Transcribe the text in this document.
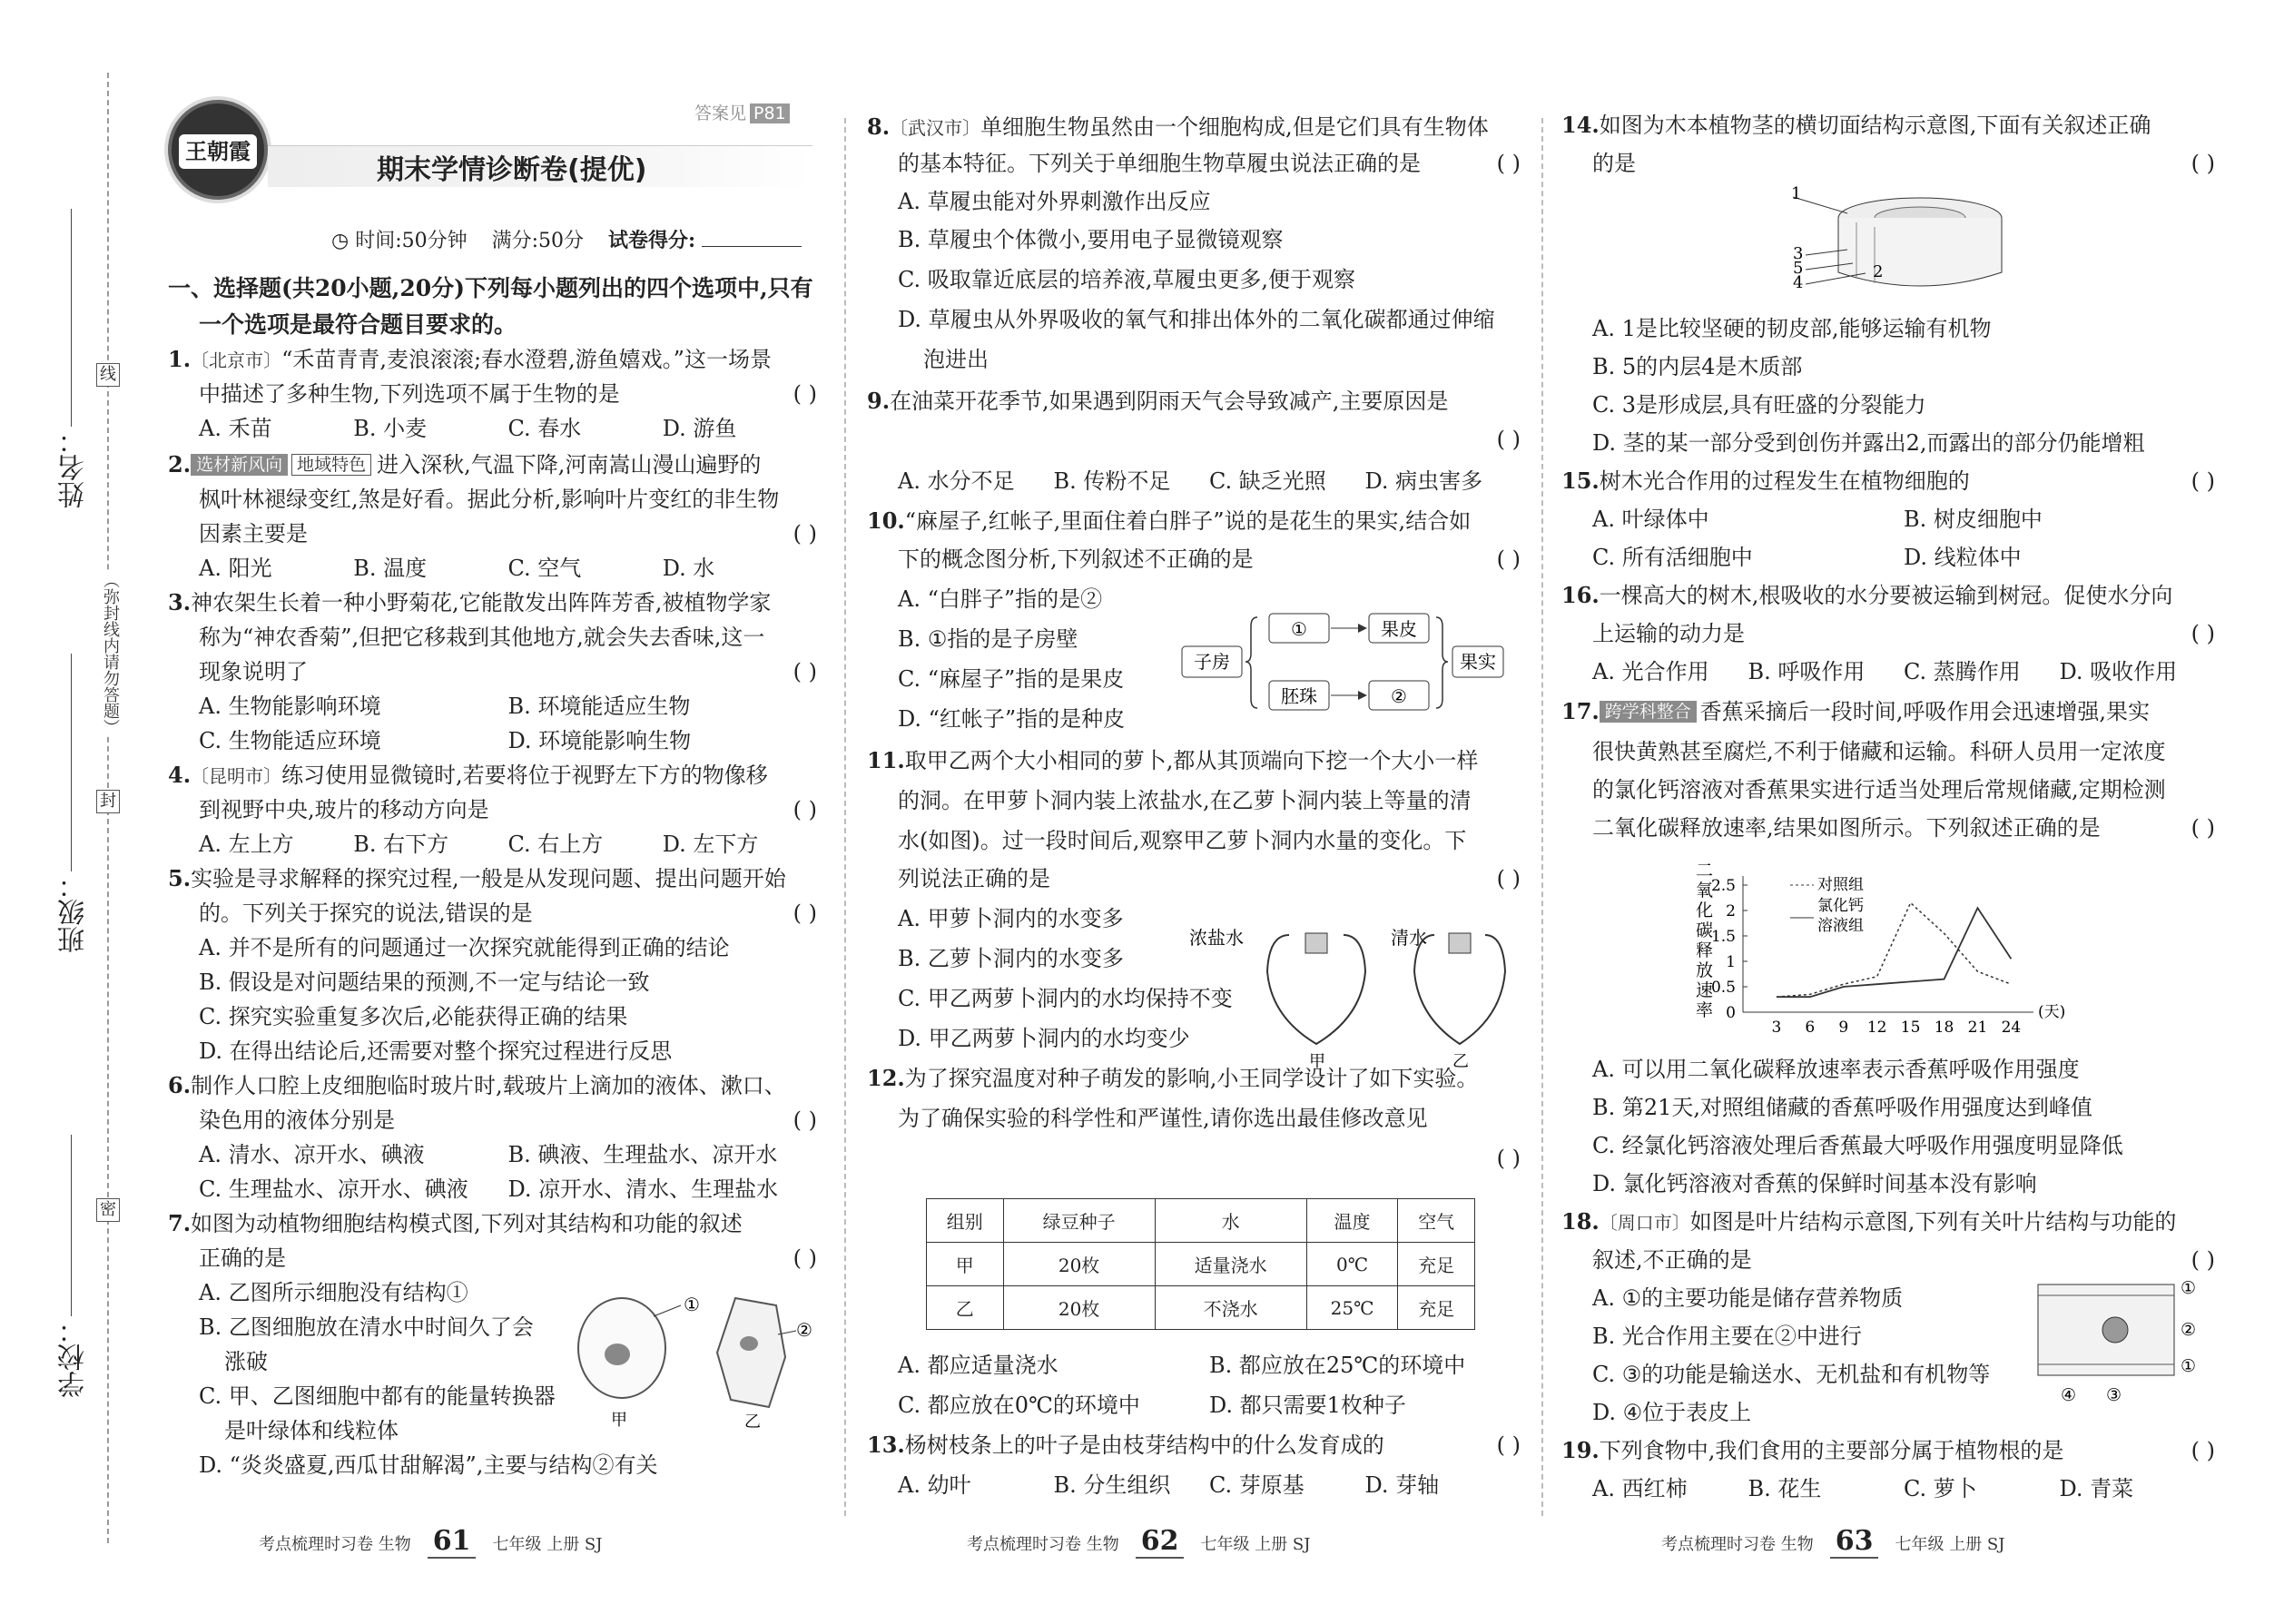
姓名：
班级：
学校：
（弥封线内请勿答题）
线
封
密
王朝霞
答案见 P81
期末学情诊断卷(提优)
◷ 时间:50分钟 满分:50分 试卷得分:
一、选择题(共20小题,20分)下列每小题列出的四个选项中,只有
一个选项是最符合题目要求的。
1.〔北京市〕“禾苗青青,麦浪滚滚;春水澄碧,游鱼嬉戏。”这一场景
中描述了多种生物,下列选项不属于生物的是	( )
A. 禾苗	B. 小麦	C. 春水	D. 游鱼
2. 选材新风向 地域特色 进入深秋,气温下降,河南嵩山漫山遍野的
枫叶林褪绿变红,煞是好看。据此分析,影响叶片变红的非生物
因素主要是	( )
A. 阳光	B. 温度	C. 空气	D. 水
3.神农架生长着一种小野菊花,它能散发出阵阵芳香,被植物学家
称为“神农香菊”,但把它移栽到其他地方,就会失去香味,这一
现象说明了	( )
A. 生物能影响环境	B. 环境能适应生物
C. 生物能适应环境	D. 环境能影响生物
4.〔昆明市〕练习使用显微镜时,若要将位于视野左下方的物像移
到视野中央,玻片的移动方向是	( )
A. 左上方	B. 右下方	C. 右上方	D. 左下方
5.实验是寻求解释的探究过程,一般是从发现问题、提出问题开始
的。下列关于探究的说法,错误的是	( )
A. 并不是所有的问题通过一次探究就能得到正确的结论
B. 假设是对问题结果的预测,不一定与结论一致
C. 探究实验重复多次后,必能获得正确的结果
D. 在得出结论后,还需要对整个探究过程进行反思
6.制作人口腔上皮细胞临时玻片时,载玻片上滴加的液体、漱口、
染色用的液体分别是	( )
A. 清水、凉开水、碘液	B. 碘液、生理盐水、凉开水
C. 生理盐水、凉开水、碘液	D. 凉开水、清水、生理盐水
7.如图为动植物细胞结构模式图,下列对其结构和功能的叙述
正确的是	( )
A. 乙图所示细胞没有结构①
B. 乙图细胞放在清水中时间久了会
涨破
C. 甲、乙图细胞中都有的能量转换器
是叶绿体和线粒体
D. “炎炎盛夏,西瓜甘甜解渴”,主要与结构②有关
①
②
甲	乙
考点梳理时习卷 生物 61 七年级 上册 SJ
8.〔武汉市〕单细胞生物虽然由一个细胞构成,但是它们具有生物体
的基本特征。下列关于单细胞生物草履虫说法正确的是	( )
A. 草履虫能对外界刺激作出反应
B. 草履虫个体微小,要用电子显微镜观察
C. 吸取靠近底层的培养液,草履虫更多,便于观察
D. 草履虫从外界吸收的氧气和排出体外的二氧化碳都通过伸缩
泡进出
9.在油菜开花季节,如果遇到阴雨天气会导致减产,主要原因是
( )
A. 水分不足	B. 传粉不足	C. 缺乏光照	D. 病虫害多
10.“麻屋子,红帐子,里面住着白胖子”说的是花生的果实,结合如
下的概念图分析,下列叙述不正确的是	( )
A. “白胖子”指的是②
B. ①指的是子房壁
C. “麻屋子”指的是果皮
D. “红帐子”指的是种皮
子房
①	果皮
胚珠	②
果实
11.取甲乙两个大小相同的萝卜,都从其顶端向下挖一个大小一样
的洞。在甲萝卜洞内装上浓盐水,在乙萝卜洞内装上等量的清
水(如图)。过一段时间后,观察甲乙萝卜洞内水量的变化。下
列说法正确的是	( )
A. 甲萝卜洞内的水变多
B. 乙萝卜洞内的水变多
C. 甲乙两萝卜洞内的水均保持不变
D. 甲乙两萝卜洞内的水均变少
浓盐水
甲
清水
乙
12.为了探究温度对种子萌发的影响,小王同学设计了如下实验。
为了确保实验的科学性和严谨性,请你选出最佳修改意见
( )
组别	绿豆种子	水	温度	空气
甲	20枚	适量浇水	0℃	充足
乙	20枚	不浇水	25℃	充足
A. 都应适量浇水	B. 都应放在25℃的环境中
C. 都应放在0℃的环境中	D. 都只需要1枚种子
13.杨树枝条上的叶子是由枝芽结构中的什么发育成的	( )
A. 幼叶	B. 分生组织	C. 芽原基	D. 芽轴
考点梳理时习卷 生物 62 七年级 上册 SJ
14.如图为木本植物茎的横切面结构示意图,下面有关叙述正确
的是	( )
1
3
5
4
2
A. 1是比较坚硬的韧皮部,能够运输有机物
B. 5的内层4是木质部
C. 3是形成层,具有旺盛的分裂能力
D. 茎的某一部分受到创伤并露出2,而露出的部分仍能增粗
15.树木光合作用的过程发生在植物细胞的	( )
A. 叶绿体中	B. 树皮细胞中
C. 所有活细胞中	D. 线粒体中
16.一棵高大的树木,根吸收的水分要被运输到树冠。促使水分向
上运输的动力是	( )
A. 光合作用	B. 呼吸作用	C. 蒸腾作用	D. 吸收作用
17. 跨学科整合 香蕉采摘后一段时间,呼吸作用会迅速增强,果实
很快黄熟甚至腐烂,不利于储藏和运输。科研人员用一定浓度
的氯化钙溶液对香蕉果实进行适当处理后常规储藏,定期检测
二氧化碳释放速率,结果如图所示。下列叙述正确的是	( )
二氧化碳释放速率	(天)
0
0.5
1
1.5
2
2.5
3 6 9 12 15 18 21 24
对照组
氯化钙
溶液组
A. 可以用二氧化碳释放速率表示香蕉呼吸作用强度
B. 第21天,对照组储藏的香蕉呼吸作用强度达到峰值
C. 经氯化钙溶液处理后香蕉最大呼吸作用强度明显降低
D. 氯化钙溶液对香蕉的保鲜时间基本没有影响
18.〔周口市〕如图是叶片结构示意图,下列有关叶片结构与功能的
叙述,不正确的是	( )
A. ①的主要功能是储存营养物质
B. 光合作用主要在②中进行
C. ③的功能是输送水、无机盐和有机物等
D. ④位于表皮上
①
②
①
④ ③
19.下列食物中,我们食用的主要部分属于植物根的是	( )
A. 西红柿	B. 花生	C. 萝卜	D. 青菜
考点梳理时习卷 生物 63 七年级 上册 SJ
